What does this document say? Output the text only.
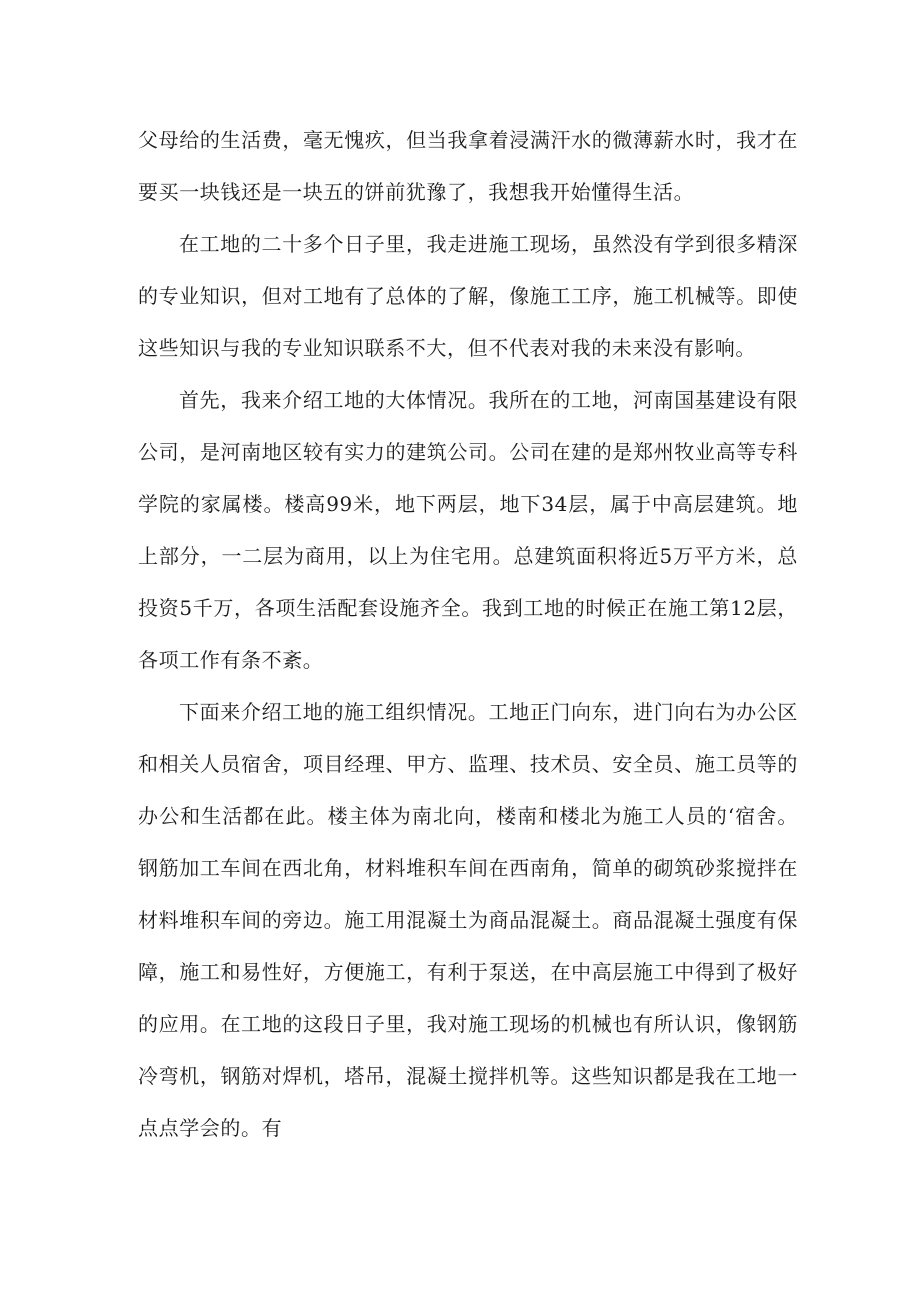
父母给的生活费，毫无愧疚，但当我拿着浸满汗水的微薄薪水时，我才在要买一块钱还是一块五的饼前犹豫了，我想我开始懂得生活。

在工地的二十多个日子里，我走进施工现场，虽然没有学到很多精深的专业知识，但对工地有了总体的了解，像施工工序，施工机械等。即使这些知识与我的专业知识联系不大，但不代表对我的未来没有影响。

首先，我来介绍工地的大体情况。我所在的工地，河南国基建设有限公司，是河南地区较有实力的建筑公司。公司在建的是郑州牧业高等专科学院的家属楼。楼高99米，地下两层，地下34层，属于中高层建筑。地上部分，一二层为商用，以上为住宅用。总建筑面积将近5万平方米，总投资5千万，各项生活配套设施齐全。我到工地的时候正在施工第12层，各项工作有条不紊。

下面来介绍工地的施工组织情况。工地正门向东，进门向右为办公区和相关人员宿舍，项目经理、甲方、监理、技术员、安全员、施工员等的办公和生活都在此。楼主体为南北向，楼南和楼北为施工人员的‘宿舍。钢筋加工车间在西北角，材料堆积车间在西南角，简单的砌筑砂浆搅拌在材料堆积车间的旁边。施工用混凝土为商品混凝土。商品混凝土强度有保障，施工和易性好，方便施工，有利于泵送，在中高层施工中得到了极好的应用。在工地的这段日子里，我对施工现场的机械也有所认识，像钢筋冷弯机，钢筋对焊机，塔吊，混凝土搅拌机等。这些知识都是我在工地一点点学会的。有
